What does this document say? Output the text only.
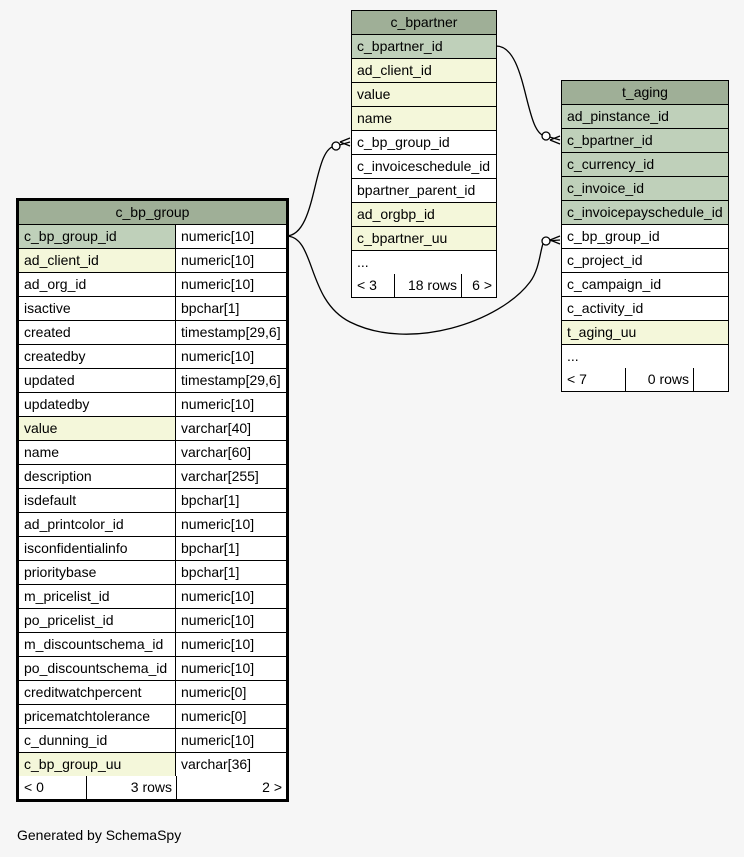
c_bp_group
c_bp_group_id	numeric[10]
ad_client_id	numeric[10]
ad_org_id	numeric[10]
isactive	bpchar[1]
created	timestamp[29,6]
createdby	numeric[10]
updated	timestamp[29,6]
updatedby	numeric[10]
value	varchar[40]
name	varchar[60]
description	varchar[255]
isdefault	bpchar[1]
ad_printcolor_id	numeric[10]
isconfidentialinfo	bpchar[1]
prioritybase	bpchar[1]
m_pricelist_id	numeric[10]
po_pricelist_id	numeric[10]
m_discountschema_id	numeric[10]
po_discountschema_id numeric[10]
creditwatchpercent	numeric[0]
pricematchtolerance	numeric[0]
c_dunning_id	numeric[10]
c_bp_group_uu	varchar[36]
< 0	3 rows	2 >
c_bpartner
c_bpartner_id
ad_client_id
value
name
c_bp_group_id
c_invoiceschedule_id
bpartner_parent_id
ad_orgbp_id
c_bpartner_uu
...
< 3	18 rows	6 >
t_aging
ad_pinstance_id
c_bpartner_id
c_currency_id
c_invoice_id
c_invoicepayschedule_id
c_bp_group_id
c_project_id
c_campaign_id
c_activity_id
t_aging_uu
...
< 7	0 rows
Generated by SchemaSpy
